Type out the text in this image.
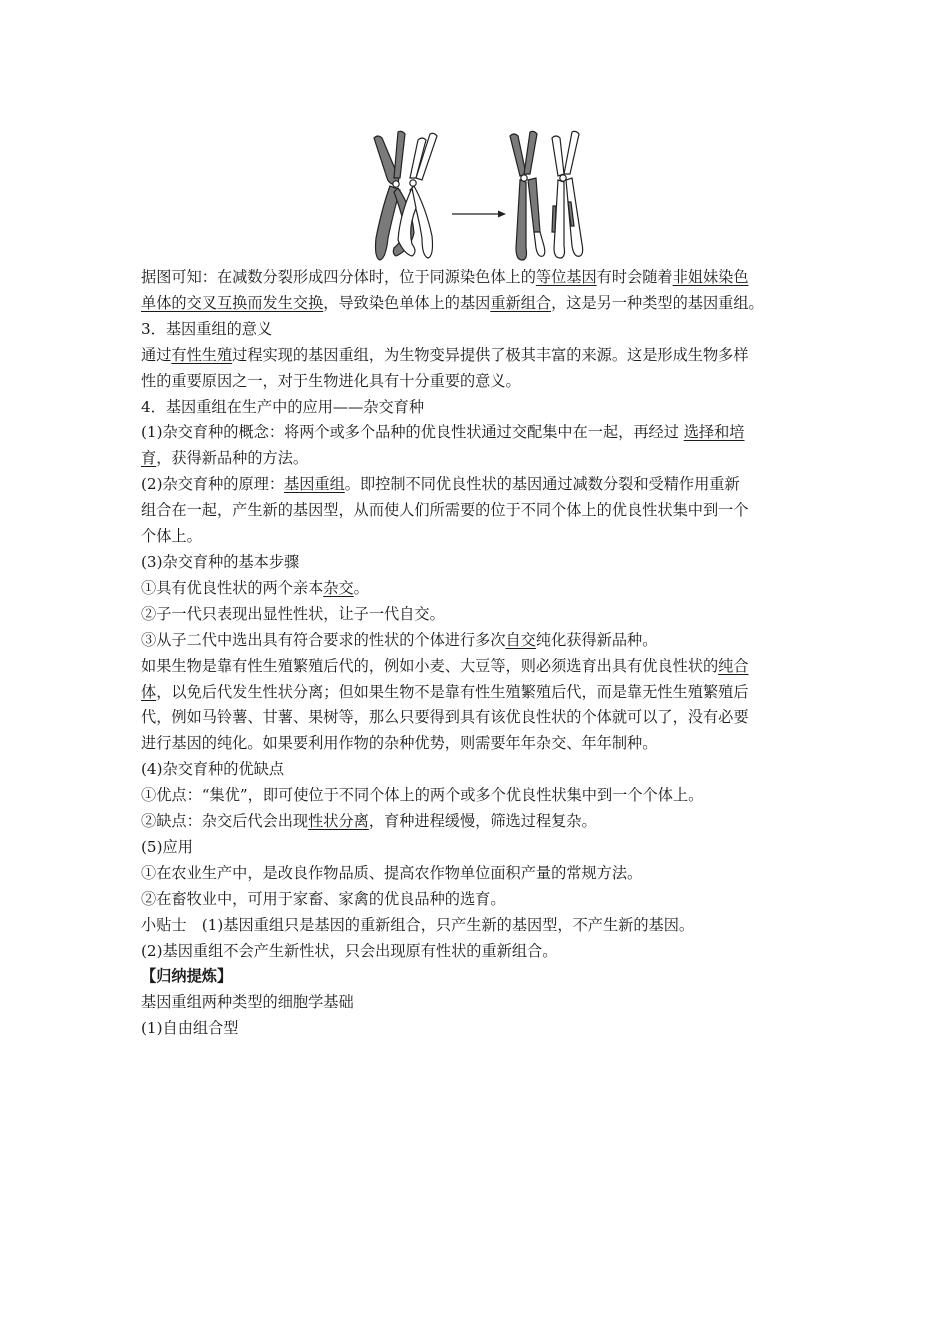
据图可知：在减数分裂形成四分体时，位于同源染色体上的等位基因有时会随着非姐妹染色
单体的交叉互换而发生交换，导致染色单体上的基因重新组合，这是另一种类型的基因重组。
3．基因重组的意义
通过有性生殖过程实现的基因重组，为生物变异提供了极其丰富的来源。这是形成生物多样
性的重要原因之一，对于生物进化具有十分重要的意义。
4．基因重组在生产中的应用——杂交育种
(1)杂交育种的概念：将两个或多个品种的优良性状通过交配集中在一起，再经过 选择和培
育，获得新品种的方法。
(2)杂交育种的原理：基因重组。即控制不同优良性状的基因通过减数分裂和受精作用重新
组合在一起，产生新的基因型，从而使人们所需要的位于不同个体上的优良性状集中到一个
个体上。
(3)杂交育种的基本步骤
①具有优良性状的两个亲本杂交。
②子一代只表现出显性性状，让子一代自交。
③从子二代中选出具有符合要求的性状的个体进行多次自交纯化获得新品种。
如果生物是靠有性生殖繁殖后代的，例如小麦、大豆等，则必须选育出具有优良性状的纯合
体，以免后代发生性状分离；但如果生物不是靠有性生殖繁殖后代，而是靠无性生殖繁殖后
代，例如马铃薯、甘薯、果树等，那么只要得到具有该优良性状的个体就可以了，没有必要
进行基因的纯化。如果要利用作物的杂种优势，则需要年年杂交、年年制种。
(4)杂交育种的优缺点
①优点：“集优”，即可使位于不同个体上的两个或多个优良性状集中到一个个体上。
②缺点：杂交后代会出现性状分离，育种进程缓慢，筛选过程复杂。
(5)应用
①在农业生产中，是改良作物品质、提高农作物单位面积产量的常规方法。
②在畜牧业中，可用于家畜、家禽的优良品种的选育。
小贴士　(1)基因重组只是基因的重新组合，只产生新的基因型，不产生新的基因。
(2)基因重组不会产生新性状，只会出现原有性状的重新组合。
【归纳提炼】
基因重组两种类型的细胞学基础
(1)自由组合型
